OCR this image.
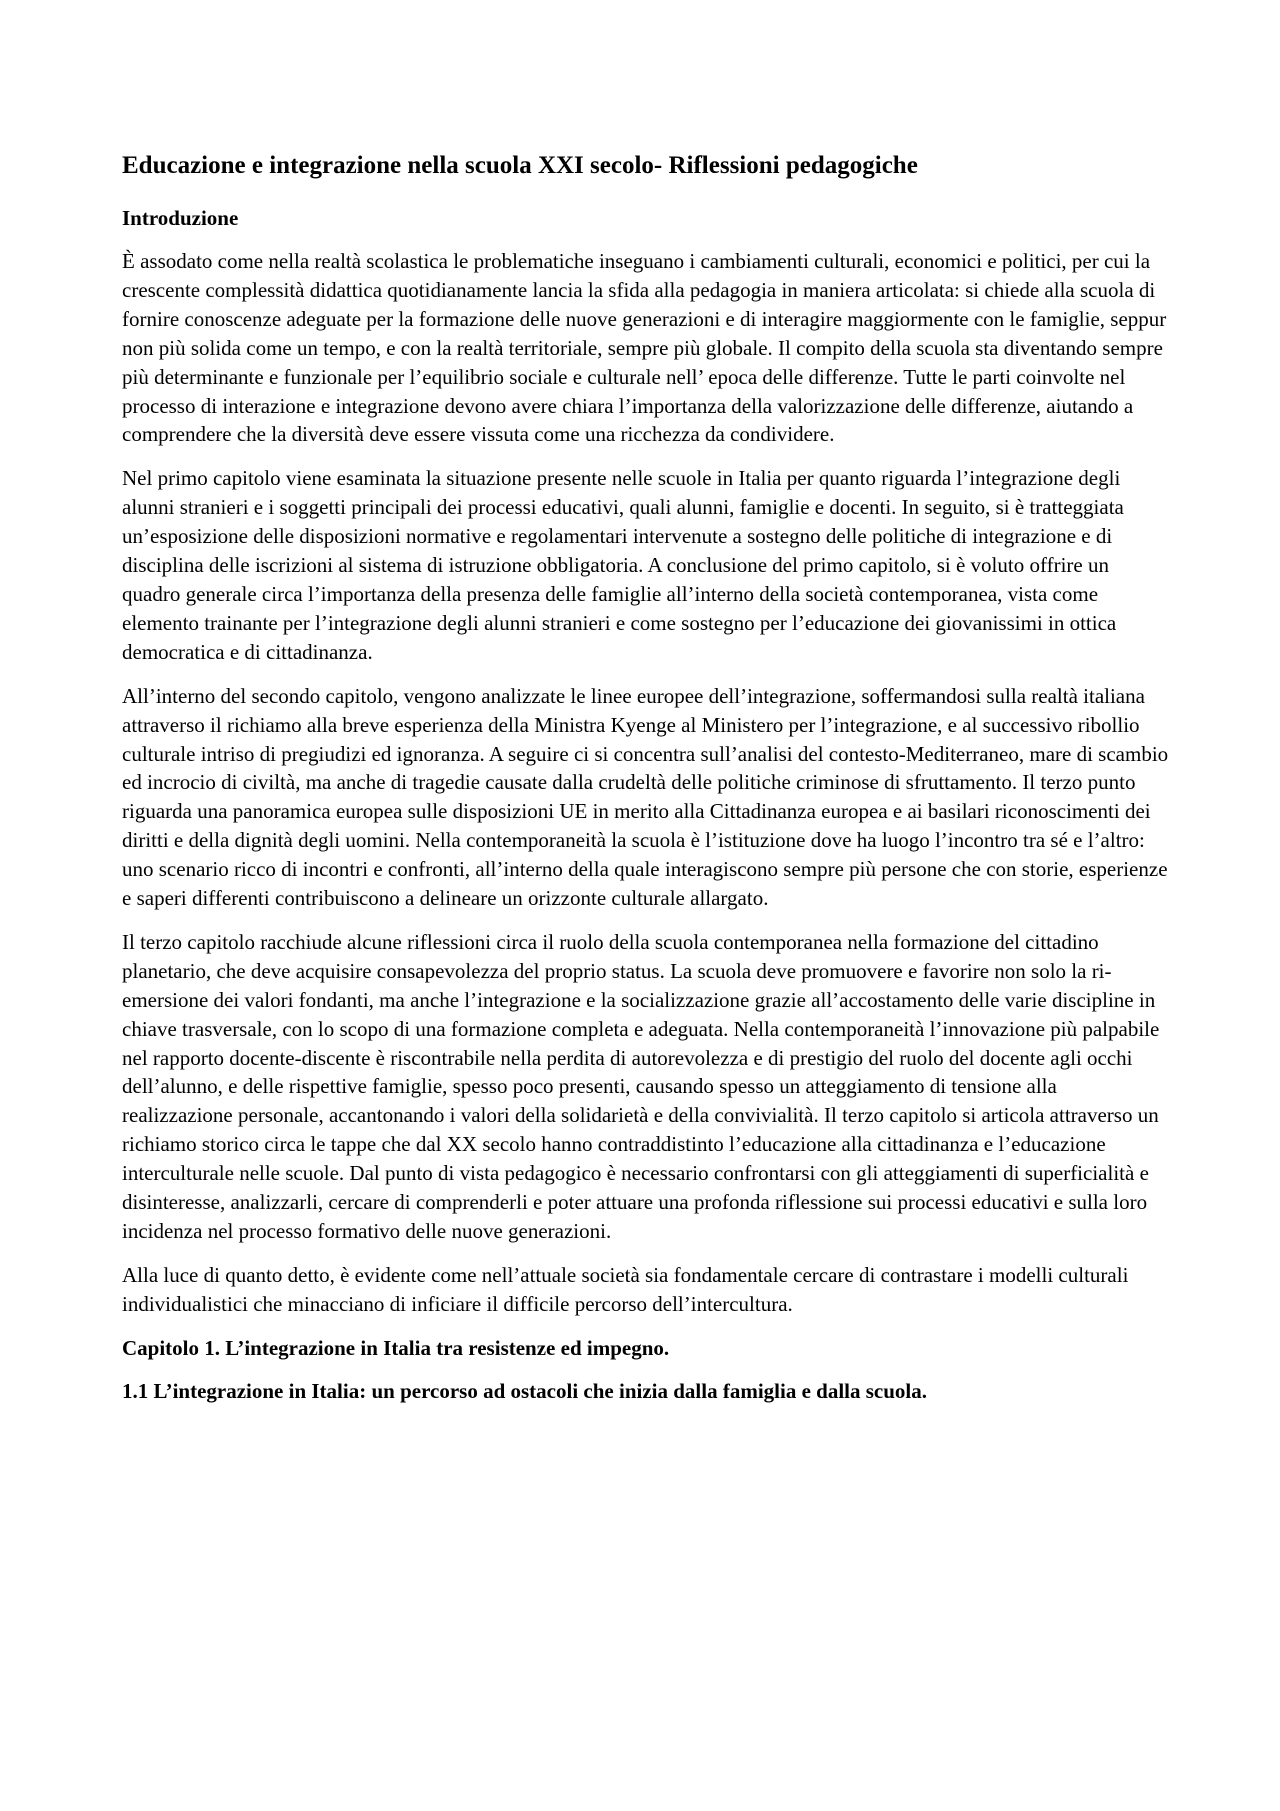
Educazione e integrazione nella scuola XXI secolo- Riflessioni pedagogiche
Introduzione

È assodato come nella realtà scolastica le problematiche inseguano i cambiamenti culturali, economici e politici, per cui la crescente complessità didattica quotidianamente lancia la sfida alla pedagogia in maniera articolata: si chiede alla scuola di fornire conoscenze adeguate per la formazione delle nuove generazioni e di interagire maggiormente con le famiglie, seppur non più solida come un tempo, e con la realtà territoriale, sempre più globale. Il compito della scuola sta diventando sempre più determinante e funzionale per l’equilibrio sociale e culturale nell’ epoca delle differenze. Tutte le parti coinvolte nel processo di interazione e integrazione devono avere chiara l’importanza della valorizzazione delle differenze, aiutando a comprendere che la diversità deve essere vissuta come una ricchezza da condividere.

Nel primo capitolo viene esaminata la situazione presente nelle scuole in Italia per quanto riguarda l’integrazione degli alunni stranieri e i soggetti principali dei processi educativi, quali alunni, famiglie e docenti. In seguito, si è tratteggiata un’esposizione delle disposizioni normative e regolamentari intervenute a sostegno delle politiche di integrazione e di disciplina delle iscrizioni al sistema di istruzione obbligatoria. A conclusione del primo capitolo, si è voluto offrire un quadro generale circa l’importanza della presenza delle famiglie all’interno della società contemporanea, vista come elemento trainante per l’integrazione degli alunni stranieri e come sostegno per l’educazione dei giovanissimi in ottica democratica e di cittadinanza.

All’interno del secondo capitolo, vengono analizzate le linee europee dell’integrazione, soffermandosi sulla realtà italiana attraverso il richiamo alla breve esperienza della Ministra Kyenge al Ministero per l’integrazione, e al successivo ribollio culturale intriso di pregiudizi ed ignoranza. A seguire ci si concentra sull’analisi del contesto-Mediterraneo, mare di scambio ed incrocio di civiltà, ma anche di tragedie causate dalla crudeltà delle politiche criminose di sfruttamento. Il terzo punto riguarda una panoramica europea sulle disposizioni UE in merito alla Cittadinanza europea e ai basilari riconoscimenti dei diritti e della dignità degli uomini. Nella contemporaneità la scuola è l’istituzione dove ha luogo l’incontro tra sé e l’altro: uno scenario ricco di incontri e confronti, all’interno della quale interagiscono sempre più persone che con storie, esperienze e saperi differenti contribuiscono a delineare un orizzonte culturale allargato.

Il terzo capitolo racchiude alcune riflessioni circa il ruolo della scuola contemporanea nella formazione del cittadino planetario, che deve acquisire consapevolezza del proprio status. La scuola deve promuovere e favorire non solo la ri-emersione dei valori fondanti, ma anche l’integrazione e la socializzazione grazie all’accostamento delle varie discipline in chiave trasversale, con lo scopo di una formazione completa e adeguata. Nella contemporaneità l’innovazione più palpabile nel rapporto docente-discente è riscontrabile nella perdita di autorevolezza e di prestigio del ruolo del docente agli occhi dell’alunno, e delle rispettive famiglie, spesso poco presenti, causando spesso un atteggiamento di tensione alla realizzazione personale, accantonando i valori della solidarietà e della convivialità. Il terzo capitolo si articola attraverso un richiamo storico circa le tappe che dal XX secolo hanno contraddistinto l’educazione alla cittadinanza e l’educazione interculturale nelle scuole. Dal punto di vista pedagogico è necessario confrontarsi con gli atteggiamenti di superficialità e disinteresse, analizzarli, cercare di comprenderli e poter attuare una profonda riflessione sui processi educativi e sulla loro incidenza nel processo formativo delle nuove generazioni.

Alla luce di quanto detto, è evidente come nell’attuale società sia fondamentale cercare di contrastare i modelli culturali individualistici che minacciano di inficiare il difficile percorso dell’intercultura.

Capitolo 1. L’integrazione in Italia tra resistenze ed impegno.
1.1 L’integrazione in Italia: un percorso ad ostacoli che inizia dalla famiglia e dalla scuola.
